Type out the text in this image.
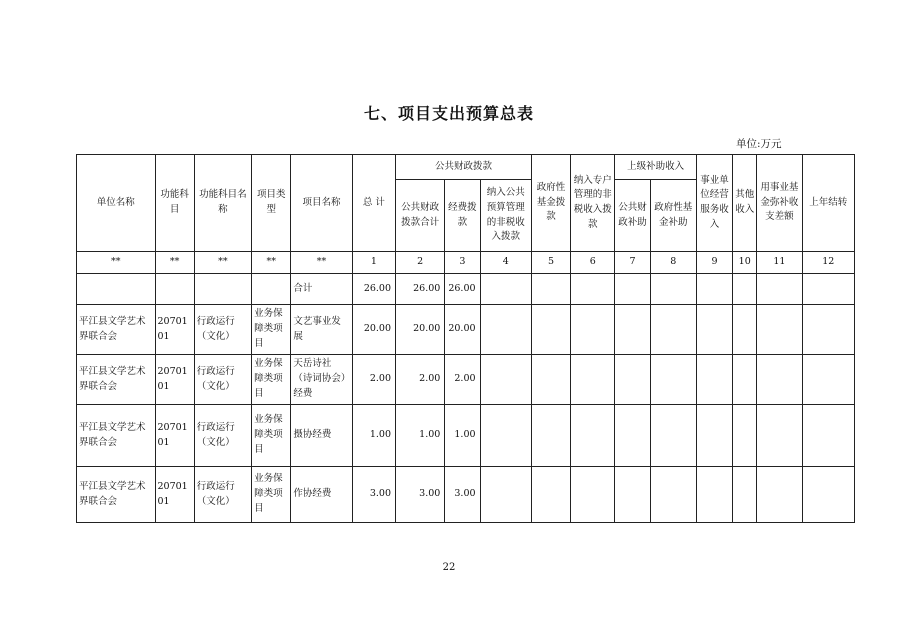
七、项目支出预算总表
单位:万元
单位名称	功能科目	功能科目名称	项目类型	项目名称	总 计	公共财政拨款			政府性基金拨款	纳入专户管理的非税收入拨款	上级补助收入		事业单位经营服务收入	其他收入	用事业基金弥补收支差额	上年结转
						公共财政拨款合计	经费拨款	纳入公共预算管理的非税收入拨款			公共财政补助	政府性基金补助				
**	**	**	**	**	1	2	3	4	5	6	7	8	9	10	11	12
				合计	26.00	26.00	26.00									
平江县文学艺术界联合会	20701 01	行政运行（文化）	业务保障类项目	文艺事业发展	20.00	20.00	20.00									
平江县文学艺术界联合会	20701 01	行政运行（文化）	业务保障类项目	天岳诗社（诗词协会）经费	2.00	2.00	2.00									
平江县文学艺术界联合会	20701 01	行政运行（文化）	业务保障类项目	摄协经费	1.00	1.00	1.00									
平江县文学艺术界联合会	20701 01	行政运行（文化）	业务保障类项目	作协经费	3.00	3.00	3.00									
22
